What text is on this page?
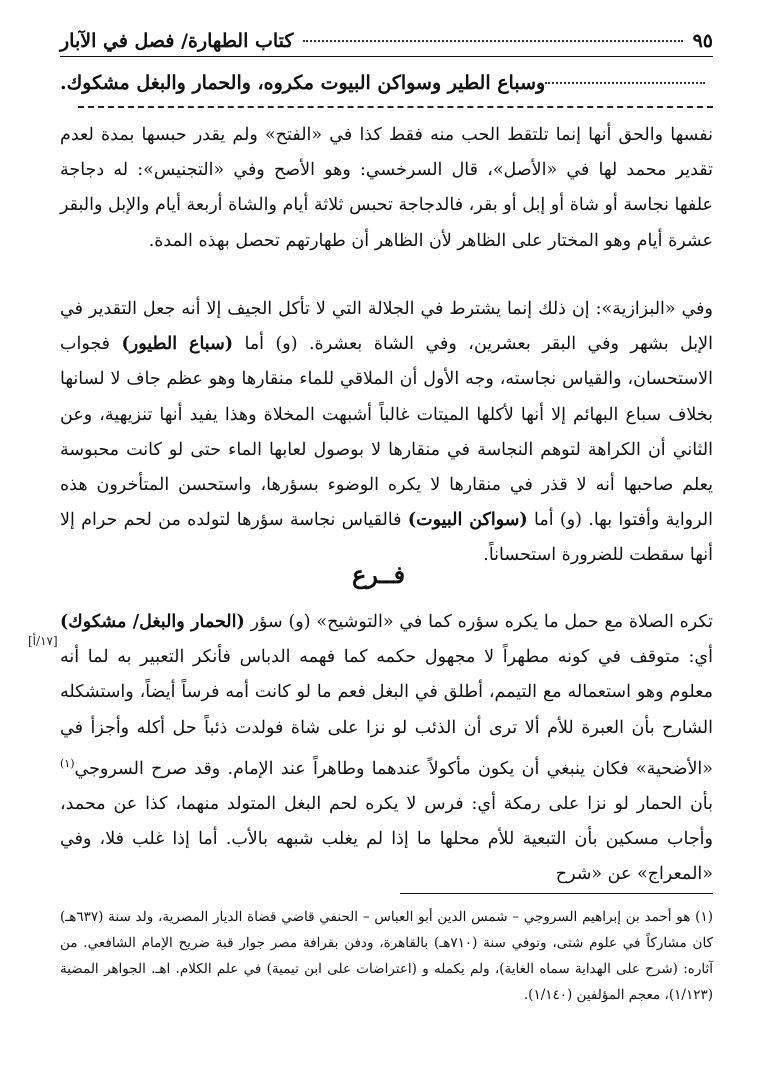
كتاب الطهارة/ فصل في الآبار	٩٥
وسباع الطير وسواكن البيوت مكروه، والحمار والبغل مشكوك.

نفسها والحق أنها إنما تلتقط الحب منه فقط كذا في «الفتح» ولم يقدر حبسها بمدة لعدم تقدير محمد لها في «الأصل»، قال السرخسي: وهو الأصح وفي «التجنيس»: له دجاجة علفها نجاسة أو شاة أو إبل أو بقر، فالدجاجة تحبس ثلاثة أيام والشاة أربعة أيام والإبل والبقر عشرة أيام وهو المختار على الظاهر لأن الظاهر أن طهارتهم تحصل بهذه المدة.

وفي «البزازية»: إن ذلك إنما يشترط في الجلالة التي لا تأكل الجيف إلا أنه جعل التقدير في الإبل بشهر وفي البقر بعشرين، وفي الشاة بعشرة. (و) أما (سباع الطيور) فجواب الاستحسان، والقياس نجاسته، وجه الأول أن الملاقي للماء منقارها وهو عظم جاف لا لسانها بخلاف سباع البهائم إلا أنها لأكلها الميتات غالباً أشبهت المخلاة وهذا يفيد أنها تنزيهية، وعن الثاني أن الكراهة لتوهم النجاسة في منقارها لا بوصول لعابها الماء حتى لو كانت محبوسة يعلم صاحبها أنه لا قذر في منقارها لا يكره الوضوء بسؤرها، واستحسن المتأخرون هذه الرواية وأفتوا بها. (و) أما (سواكن البيوت) فالقياس نجاسة سؤرها لتولده من لحم حرام إلا أنها سقطت للضرورة استحساناً.

فــرع
[١٧/أ]

تكره الصلاة مع حمل ما يكره سؤره كما في «التوشيح» (و) سؤر (الحمار والبغل/ مشكوك) أي: متوقف في كونه مطهراً لا مجهول حكمه كما فهمه الدباس فأنكر التعبير به لما أنه معلوم وهو استعماله مع التيمم، أطلق في البغل فعم ما لو كانت أمه فرساً أيضاً، واستشكله الشارح بأن العبرة للأم ألا ترى أن الذئب لو نزا على شاة فولدت ذئباً حل أكله وأجزأ في «الأضحية» فكان ينبغي أن يكون مأكولاً عندهما وطاهراً عند الإمام. وقد صرح السروجي$^{(١)}$ بأن الحمار لو نزا على رمكة أي: فرس لا يكره لحم البغل المتولد منهما، كذا عن محمد، وأجاب مسكين بأن التبعية للأم محلها ما إذا لم يغلب شبهه بالأب. أما إذا غلب فلا، وفي «المعراج» عن «شرح

(١) هو أحمد بن إبراهيم السروجي – شمس الدين أبو العباس – الحنفي قاضي قضاة الديار المصرية، ولد سنة (٦٣٧هـ) كان مشاركاً في علوم شتى، وتوفي سنة (٧١٠هـ) بالقاهرة، ودفن بقرافة مصر جوار قبة ضريح الإمام الشافعي. من آثاره: (شرح على الهداية سماه الغاية)، ولم يكمله و (اعتراضات على ابن تيمية) في علم الكلام. اهـ. الجواهر المضية (١/١٢٣)، معجم المؤلفين (١/١٤٠).
